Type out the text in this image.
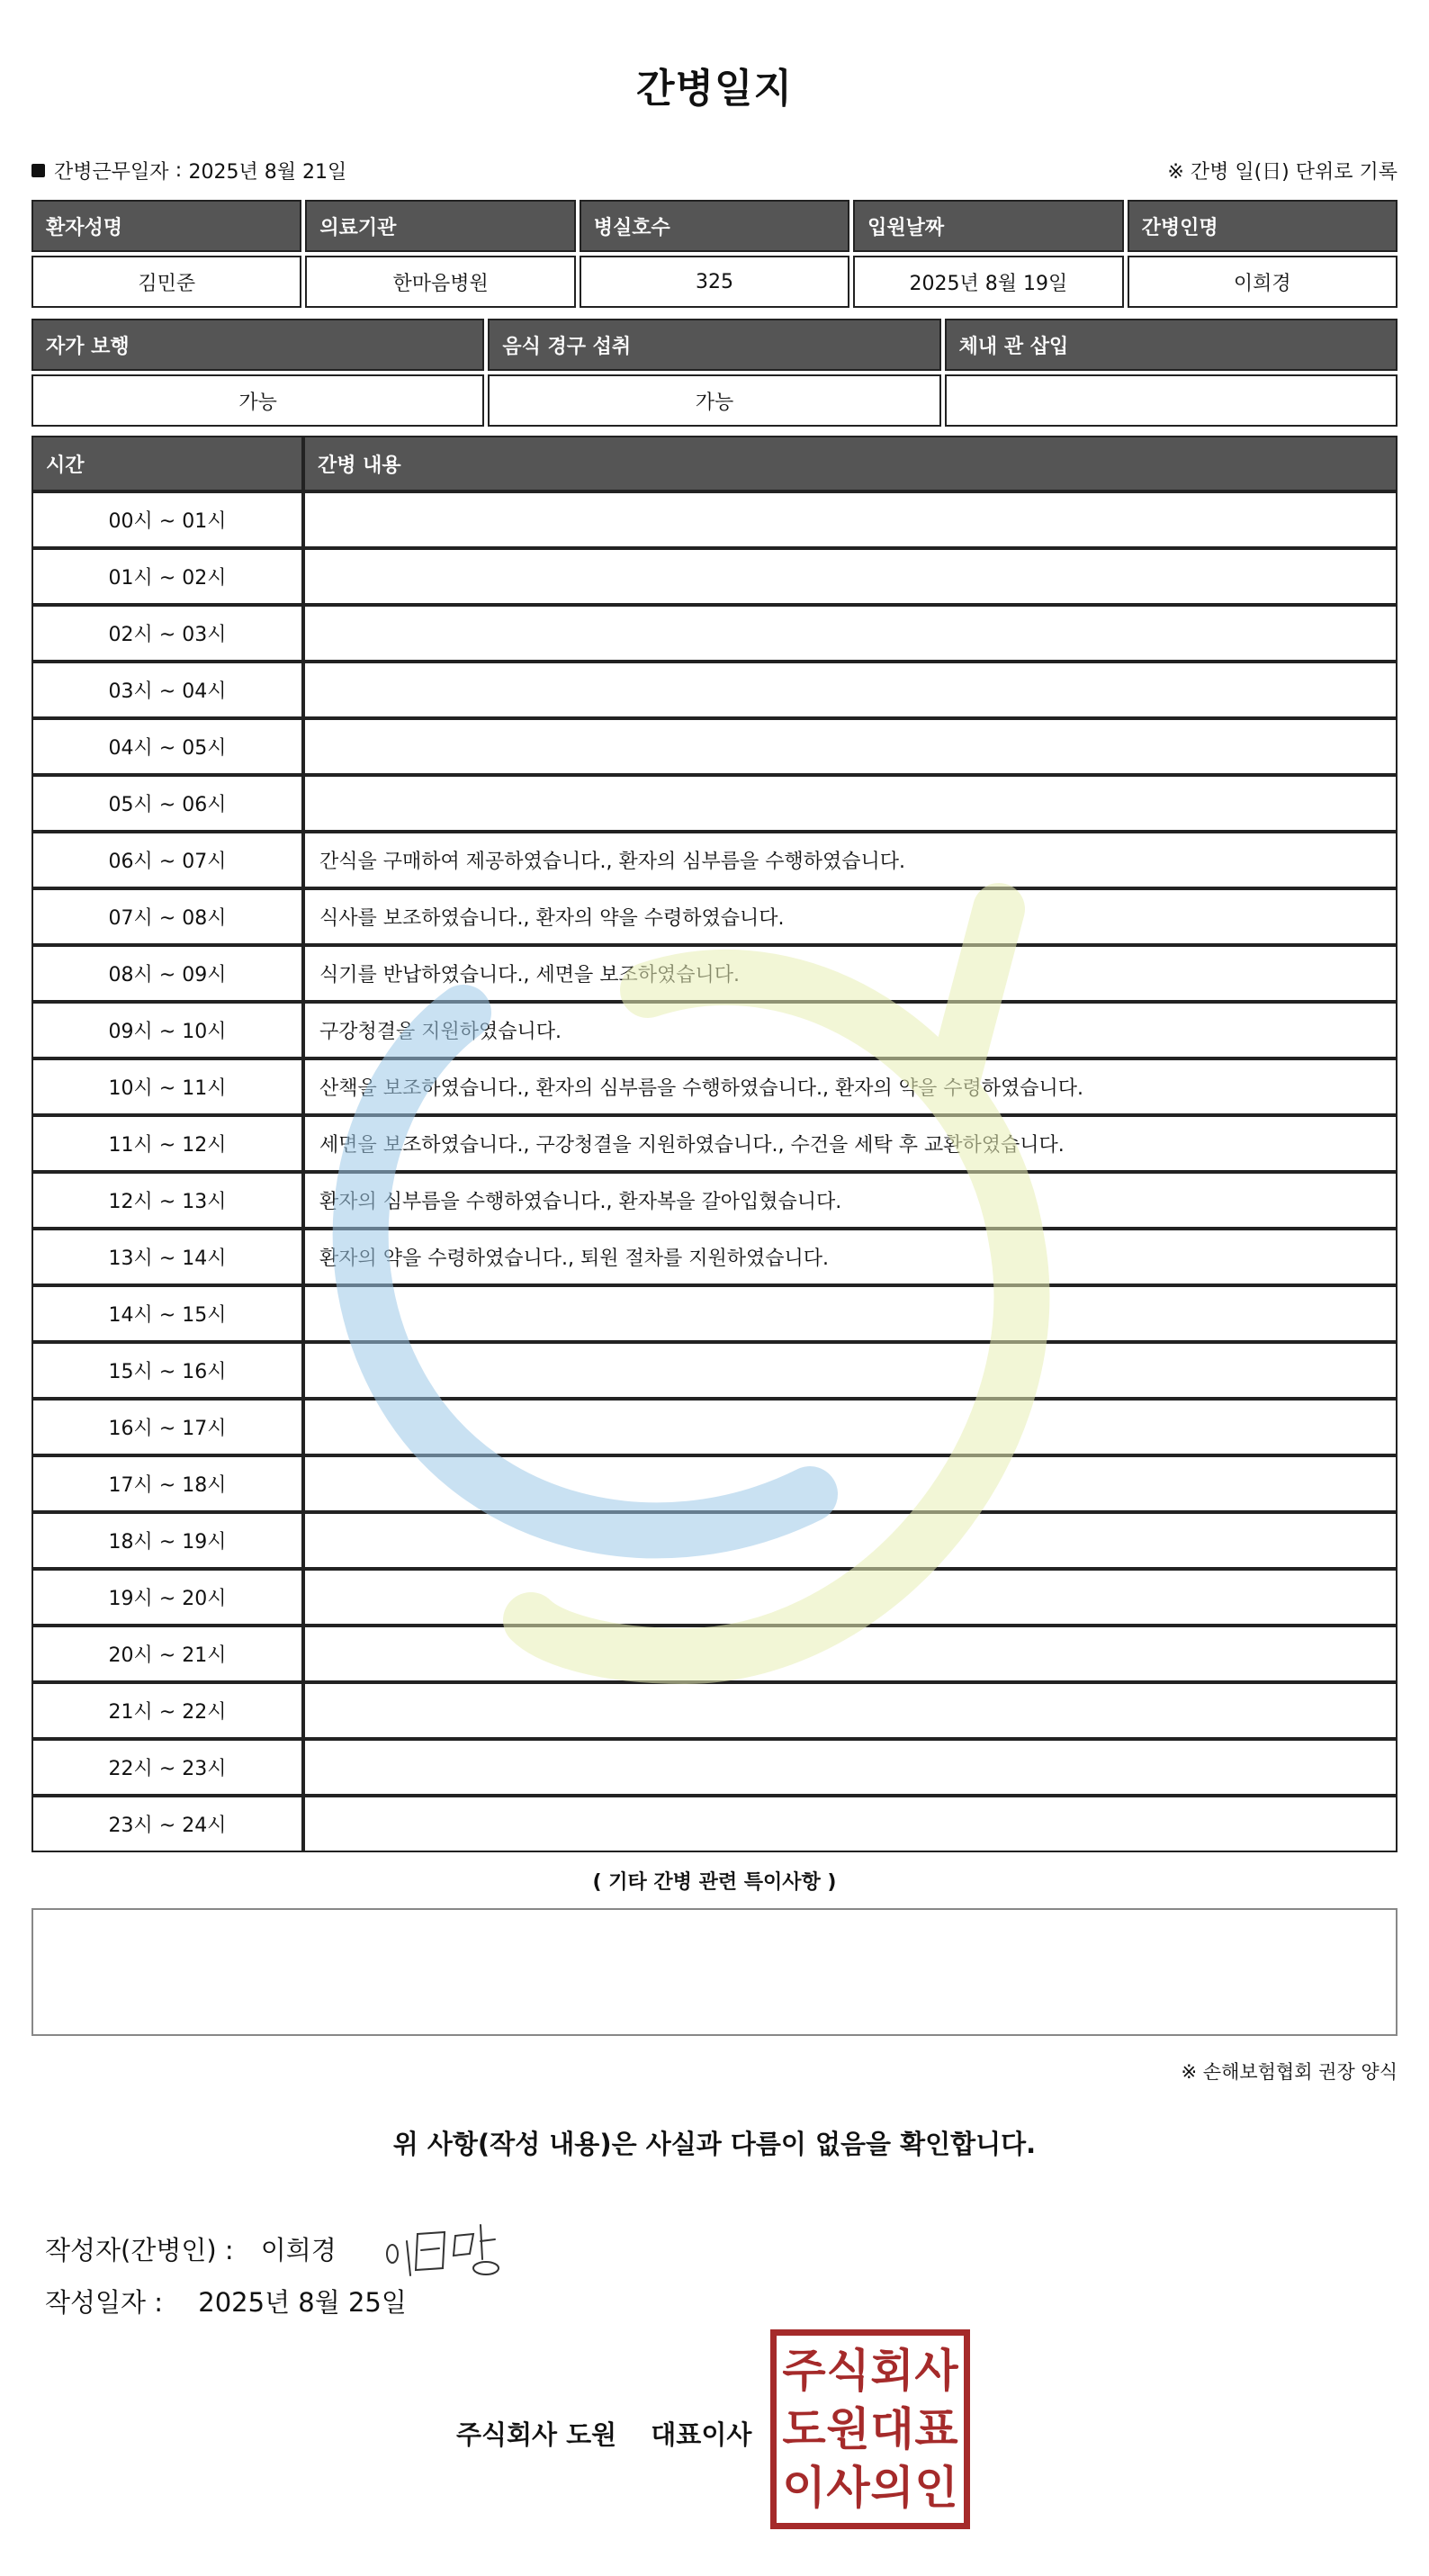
간병일지
간병근무일자 : 2025년 8월 21일	※ 간병 일(日) 단위로 기록
환자성명	의료기관	병실호수	입원날짜	간병인명
김민준	한마음병원	325	2025년 8월 19일	이희경
자가 보행	음식 경구 섭취	체내 관 삽입
가능	가능	
시간	간병 내용
00시 ~ 01시	
01시 ~ 02시	
02시 ~ 03시	
03시 ~ 04시	
04시 ~ 05시	
05시 ~ 06시	
06시 ~ 07시	간식을 구매하여 제공하였습니다., 환자의 심부름을 수행하였습니다.
07시 ~ 08시	식사를 보조하였습니다., 환자의 약을 수령하였습니다.
08시 ~ 09시	식기를 반납하였습니다., 세면을 보조하였습니다.
09시 ~ 10시	구강청결을 지원하였습니다.
10시 ~ 11시	산책을 보조하였습니다., 환자의 심부름을 수행하였습니다., 환자의 약을 수령하였습니다.
11시 ~ 12시	세면을 보조하였습니다., 구강청결을 지원하였습니다., 수건을 세탁 후 교환하였습니다.
12시 ~ 13시	환자의 심부름을 수행하였습니다., 환자복을 갈아입혔습니다.
13시 ~ 14시	환자의 약을 수령하였습니다., 퇴원 절차를 지원하였습니다.
14시 ~ 15시	
15시 ~ 16시	
16시 ~ 17시	
17시 ~ 18시	
18시 ~ 19시	
19시 ~ 20시	
20시 ~ 21시	
21시 ~ 22시	
22시 ~ 23시	
23시 ~ 24시	
( 기타 간병 관련 특이사항 )
※ 손해보험협회 권장 양식
위 사항(작성 내용)은 사실과 다름이 없음을 확인합니다.
작성자(간병인) : 이희경
작성일자 : 2025년 8월 25일
주식회사 도원 대표이사
주 식 회 사
도 원 대 표
이 사 의 인
